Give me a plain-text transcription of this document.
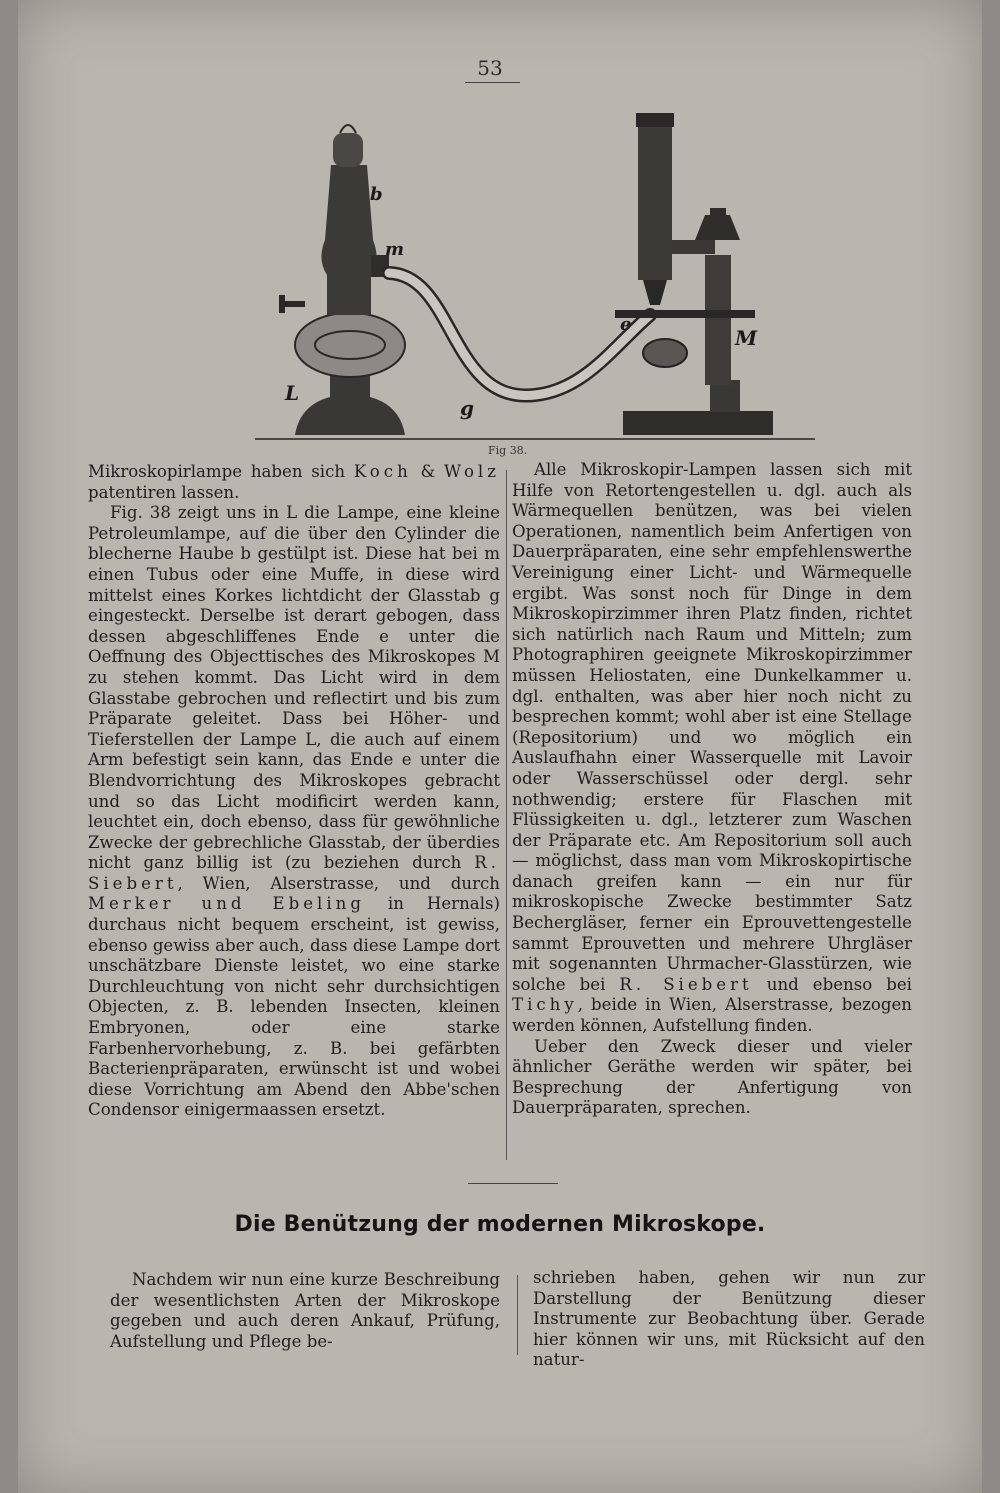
53
b
m
L
g
e
M
Fig 38.

Mikroskopirlampe haben sich Koch & Wolz patentiren lassen.

Fig. 38 zeigt uns in L die Lampe, eine kleine Petroleumlampe, auf die über den Cylinder die blecherne Haube b gestülpt ist. Diese hat bei m einen Tubus oder eine Muffe, in diese wird mittelst eines Korkes lichtdicht der Glasstab g eingesteckt. Derselbe ist derart gebogen, dass dessen abgeschliffenes Ende e unter die Oeffnung des Objecttisches des Mikroskopes M zu stehen kommt. Das Licht wird in dem Glasstabe gebrochen und reflectirt und bis zum Präparate geleitet. Dass bei Höher- und Tieferstellen der Lampe L, die auch auf einem Arm befestigt sein kann, das Ende e unter die Blendvorrichtung des Mikroskopes gebracht und so das Licht modificirt werden kann, leuchtet ein, doch ebenso, dass für gewöhnliche Zwecke der gebrechliche Glasstab, der überdies nicht ganz billig ist (zu beziehen durch R. Siebert, Wien, Alserstrasse, und durch Merker und Ebeling in Hernals) durchaus nicht bequem erscheint, ist gewiss, ebenso gewiss aber auch, dass diese Lampe dort unschätzbare Dienste leistet, wo eine starke Durchleuchtung von nicht sehr durchsichtigen Objecten, z. B. lebenden Insecten, kleinen Embryonen, oder eine starke Farbenhervorhebung, z. B. bei gefärbten Bacterienpräparaten, erwünscht ist und wobei diese Vorrichtung am Abend den Abbe'schen Condensor einigermaassen ersetzt.

Alle Mikroskopir-Lampen lassen sich mit Hilfe von Retortengestellen u. dgl. auch als Wärmequellen benützen, was bei vielen Operationen, namentlich beim Anfertigen von Dauerpräparaten, eine sehr empfehlenswerthe Vereinigung einer Licht- und Wärmequelle ergibt. Was sonst noch für Dinge in dem Mikroskopirzimmer ihren Platz finden, richtet sich natürlich nach Raum und Mitteln; zum Photographiren geeignete Mikroskopirzimmer müssen Heliostaten, eine Dunkelkammer u. dgl. enthalten, was aber hier noch nicht zu besprechen kommt; wohl aber ist eine Stellage (Repositorium) und wo möglich ein Auslaufhahn einer Wasserquelle mit Lavoir oder Wasserschüssel oder dergl. sehr nothwendig; erstere für Flaschen mit Flüssigkeiten u. dgl., letzterer zum Waschen der Präparate etc. Am Repositorium soll auch — möglichst, dass man vom Mikroskopirtische danach greifen kann — ein nur für mikroskopische Zwecke bestimmter Satz Bechergläser, ferner ein Eprouvettengestelle sammt Eprouvetten und mehrere Uhrgläser mit sogenannten Uhrmacher-Glasstürzen, wie solche bei R. Siebert und ebenso bei Tichy, beide in Wien, Alserstrasse, bezogen werden können, Aufstellung finden.

Ueber den Zweck dieser und vieler ähnlicher Geräthe werden wir später, bei Besprechung der Anfertigung von Dauerpräparaten, sprechen.

Die Benützung der modernen Mikroskope.

Nachdem wir nun eine kurze Beschreibung der wesentlichsten Arten der Mikroskope gegeben und auch deren Ankauf, Prüfung, Aufstellung und Pflege be-

schrieben haben, gehen wir nun zur Darstellung der Benützung dieser Instrumente zur Beobachtung über. Gerade hier können wir uns, mit Rücksicht auf den natur-
